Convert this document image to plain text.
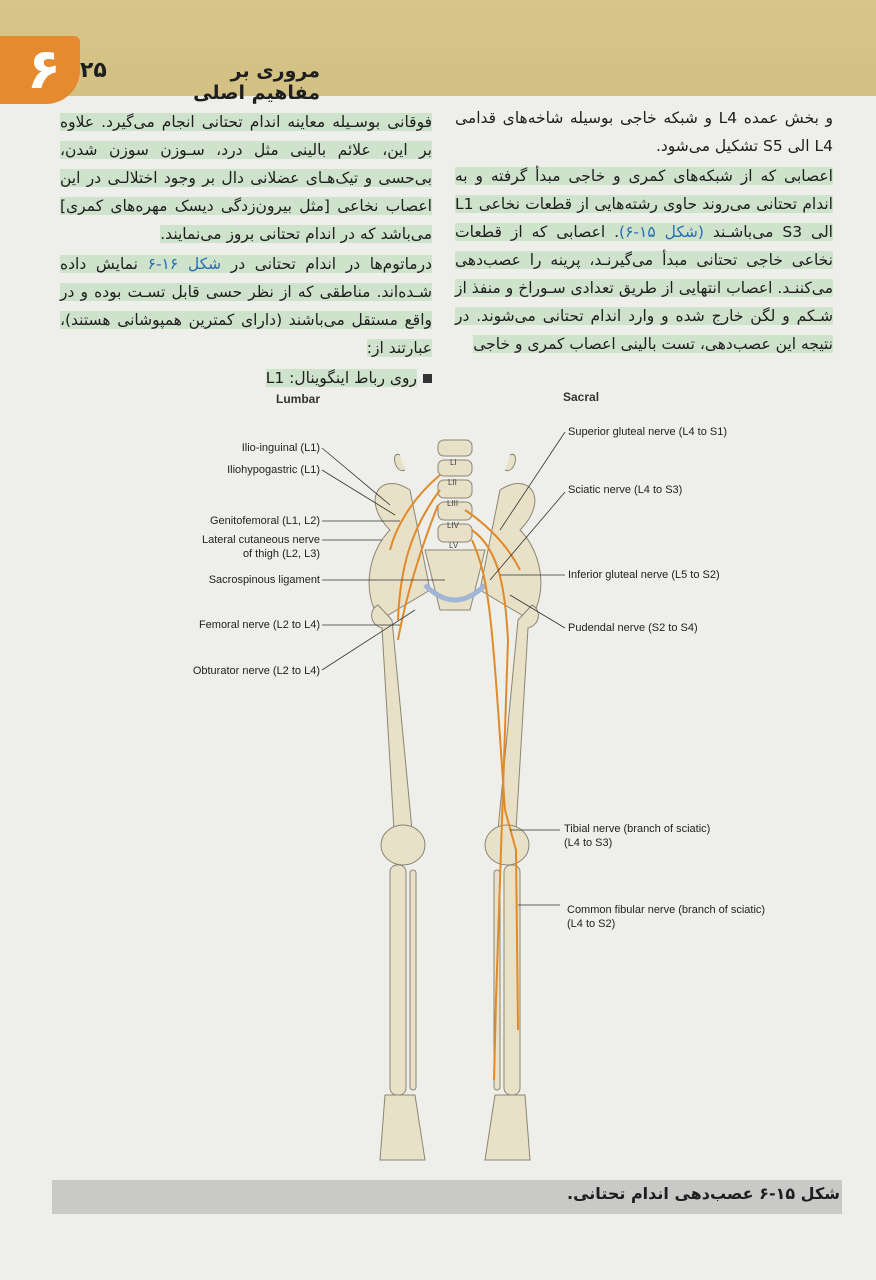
۶ ۲۵	مروری بر مفاهیم اصلی

و بخش عمده L4 و شبکه خاجی بوسیله شاخه‌های قدامی L4 الی S5 تشکیل می‌شود.

اعصابی که از شبکه‌های کمری و خاجی مبدأ گرفته و به اندام تحتانی می‌روند حاوی رشته‌هایی از قطعات نخاعی L1 الی S3 می‌باشـند (شکل ۱۵-۶). اعصابی که از قطعات نخاعی خاجی تحتانی مبدأ می‌گیرنـد، پرینه را عصب‌دهی می‌کننـد. اعصاب انتهایی از طریق تعدادی سـوراخ و منفذ از شـکم و لگن خارج شده و وارد اندام تحتانی می‌شوند. در نتیجه این عصب‌دهی، تست بالینی اعصاب کمری و خاجی

فوقانی بوسـیله معاینه اندام تحتانی انجام می‌گیرد. علاوه بر این، علائم بالینی مثل درد، سـوزن سوزن شدن، بی‌حسی و تیک‌هـای عضلانی دال بر وجود اختلالـی در این اعصاب نخاعی [مثل بیرون‌زدگی دیسک مهره‌های کمری] می‌باشد که در اندام تحتانی بروز می‌نمایند.

درماتوم‌ها در اندام تحتانی در شکل ۱۶-۶ نمایش داده شـده‌اند. مناطقی که از نظر حسی قابل تسـت بوده و در واقع مستقل می‌باشند (دارای کمترین همپوشانی هستند)، عبارتند از:

روی رباط اینگوینال: L1

Lumbar	Sacral
Ilio-inguinal (L1)
Iliohypogastric (L1)
Genitofemoral (L1, L2)
Lateral cutaneous nerve
of thigh (L2, L3)
Sacrospinous ligament
Femoral nerve (L2 to L4)
Obturator nerve (L2 to L4)
Superior gluteal nerve (L4 to S1)
Sciatic nerve (L4 to S3)
Inferior gluteal nerve (L5 to S2)
Pudendal nerve (S2 to S4)
Tibial nerve (branch of sciatic)
(L4 to S3)
Common fibular nerve (branch of sciatic)
(L4 to S2)
LI
LII
LIII
LIV
LV
شکل ۱۵-۶ عصب‌دهی اندام تحتانی.
